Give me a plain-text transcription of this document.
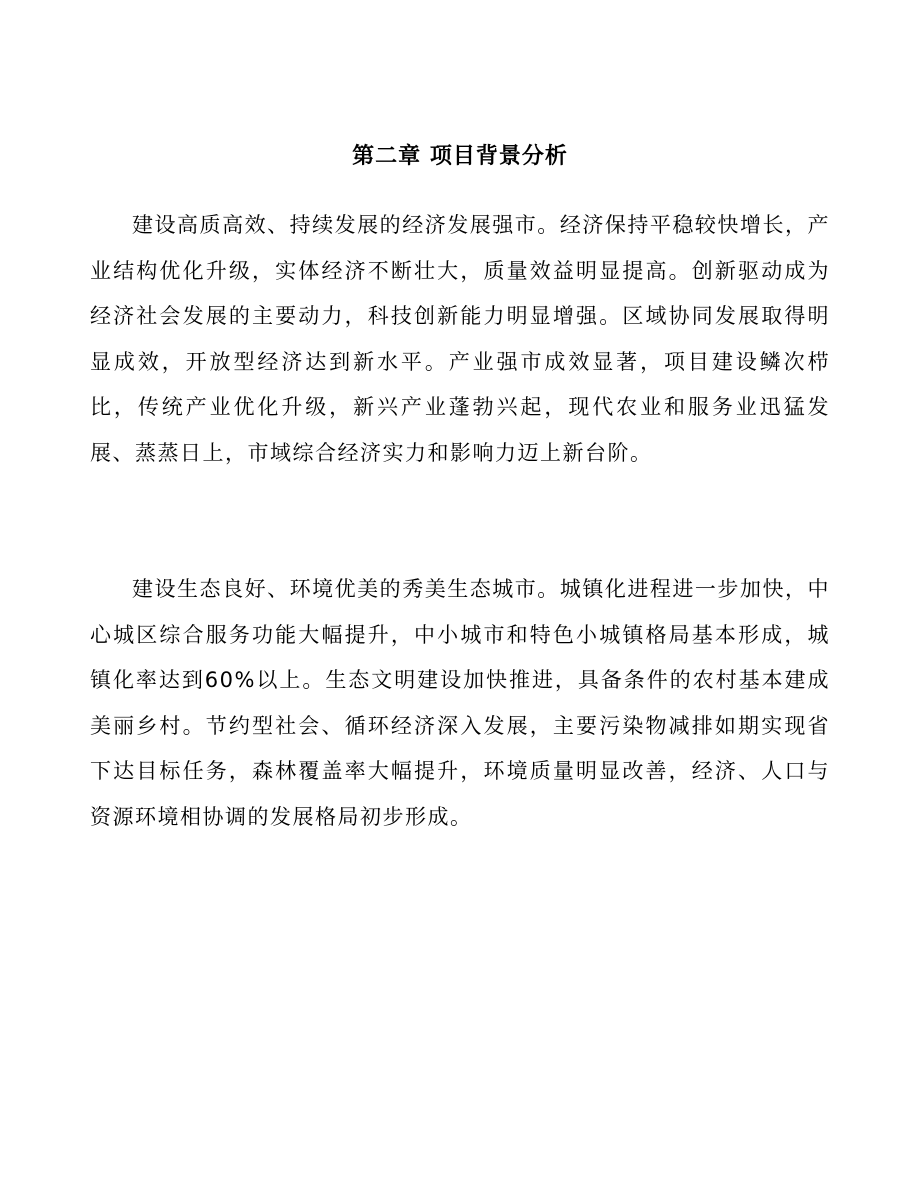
第二章 项目背景分析

建设高质高效、持续发展的经济发展强市。经济保持平稳较快增长，产业结构优化升级，实体经济不断壮大，质量效益明显提高。创新驱动成为经济社会发展的主要动力，科技创新能力明显增强。区域协同发展取得明显成效，开放型经济达到新水平。产业强市成效显著，项目建设鳞次栉比，传统产业优化升级，新兴产业蓬勃兴起，现代农业和服务业迅猛发展、蒸蒸日上，市域综合经济实力和影响力迈上新台阶。

建设生态良好、环境优美的秀美生态城市。城镇化进程进一步加快，中心城区综合服务功能大幅提升，中小城市和特色小城镇格局基本形成，城镇化率达到60%以上。生态文明建设加快推进，具备条件的农村基本建成美丽乡村。节约型社会、循环经济深入发展，主要污染物减排如期实现省下达目标任务，森林覆盖率大幅提升，环境质量明显改善，经济、人口与资源环境相协调的发展格局初步形成。
